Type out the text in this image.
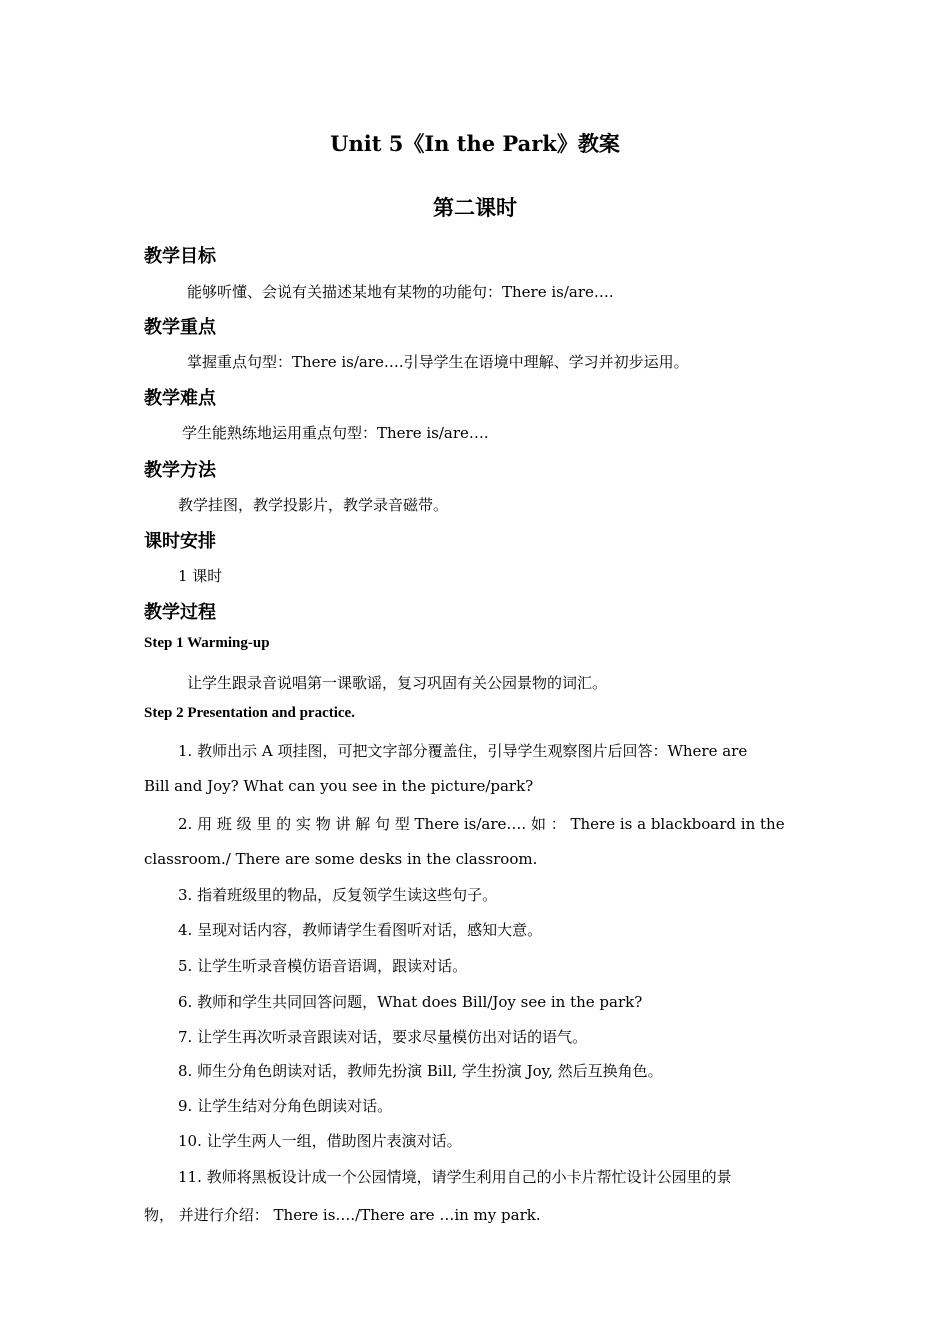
Unit 5《In the Park》教案
第二课时
教学目标
能够听懂、会说有关描述某地有某物的功能句：There is/are….
教学重点
掌握重点句型：There is/are….引导学生在语境中理解、学习并初步运用。
教学难点
学生能熟练地运用重点句型：There is/are….
教学方法
教学挂图，教学投影片，教学录音磁带。
课时安排
1 课时
教学过程
Step 1 Warming-up
让学生跟录音说唱第一课歌谣，复习巩固有关公园景物的词汇。
Step 2 Presentation and practice.
1. 教师出示 A 项挂图，可把文字部分覆盖住，引导学生观察图片后回答：Where are
Bill and Joy? What can you see in the picture/park?
2. 用 班 级 里 的 实 物 讲 解 句 型 There is/are…. 如 ： There is a blackboard in the
classroom./ There are some desks in the classroom.
3. 指着班级里的物品，反复领学生读这些句子。
4. 呈现对话内容，教师请学生看图听对话，感知大意。
5. 让学生听录音模仿语音语调，跟读对话。
6. 教师和学生共同回答问题，What does Bill/Joy see in the park?
7. 让学生再次听录音跟读对话，要求尽量模仿出对话的语气。
8. 师生分角色朗读对话，教师先扮演 Bill, 学生扮演 Joy, 然后互换角色。
9. 让学生结对分角色朗读对话。
10. 让学生两人一组，借助图片表演对话。
11. 教师将黑板设计成一个公园情境，请学生利用自己的小卡片帮忙设计公园里的景
物， 并进行介绍： There is…./There are …in my park.
